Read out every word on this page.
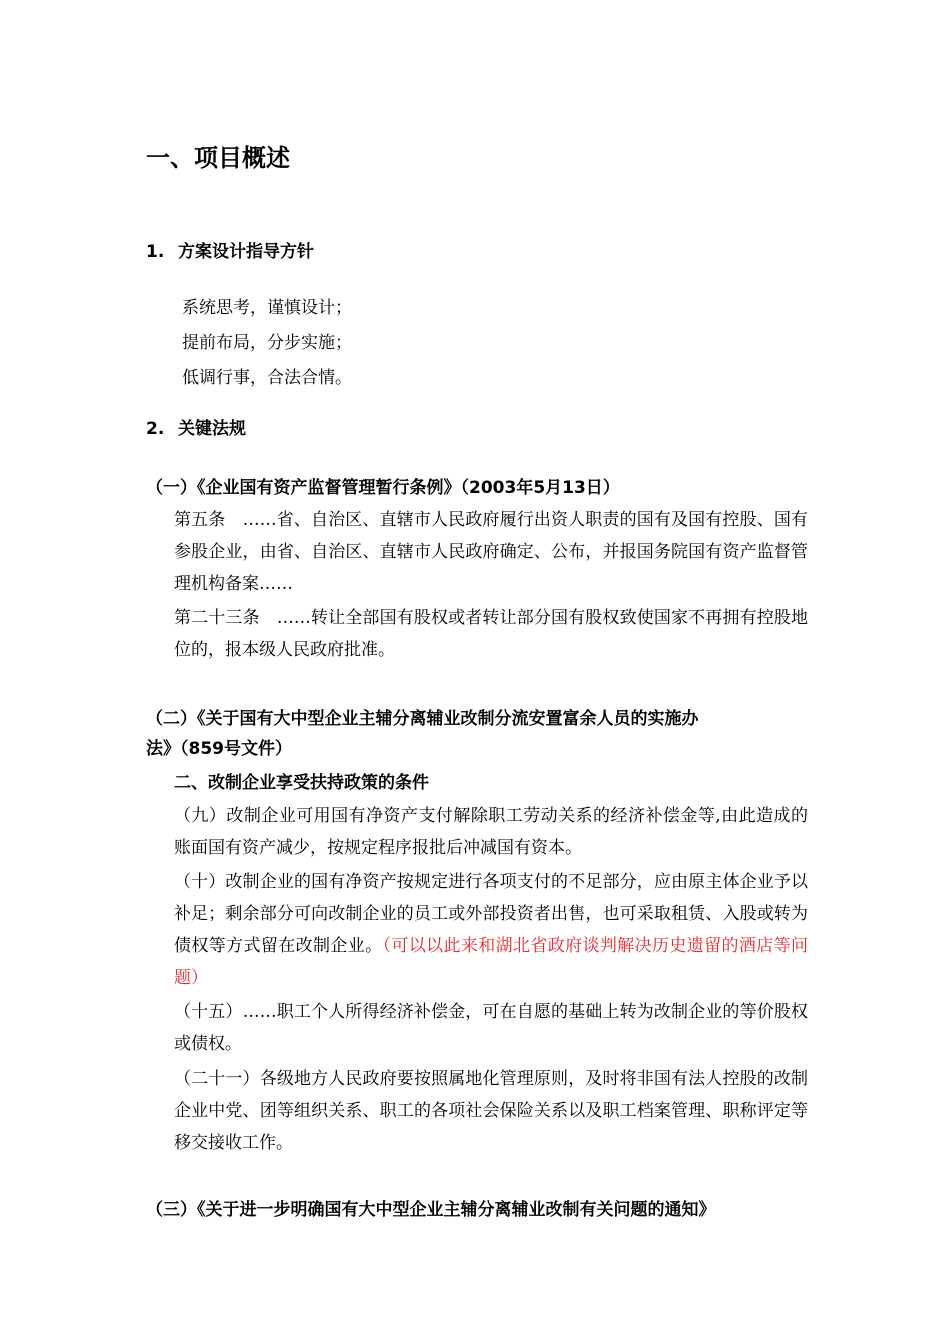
一、项目概述
1. 方案设计指导方针
系统思考，谨慎设计；
提前布局，分步实施；
低调行事，合法合情。
2. 关键法规
（一）《企业国有资产监督管理暂行条例》（2003年5月13日）
第五条　……省、自治区、直辖市人民政府履行出资人职责的国有及国有控股、国有参股企业，由省、自治区、直辖市人民政府确定、公布，并报国务院国有资产监督管理机构备案……
第二十三条　……转让全部国有股权或者转让部分国有股权致使国家不再拥有控股地位的，报本级人民政府批准。
（二）《关于国有大中型企业主辅分离辅业改制分流安置富余人员的实施办
法》（859号文件）
二、改制企业享受扶持政策的条件
（九）改制企业可用国有净资产支付解除职工劳动关系的经济补偿金等,由此造成的账面国有资产减少，按规定程序报批后冲减国有资本。
（十）改制企业的国有净资产按规定进行各项支付的不足部分，应由原主体企业予以补足；剩余部分可向改制企业的员工或外部投资者出售，也可采取租赁、入股或转为债权等方式留在改制企业。（可以以此来和湖北省政府谈判解决历史遗留的酒店等问题）
（十五）……职工个人所得经济补偿金，可在自愿的基础上转为改制企业的等价股权或债权。
（二十一）各级地方人民政府要按照属地化管理原则，及时将非国有法人控股的改制企业中党、团等组织关系、职工的各项社会保险关系以及职工档案管理、职称评定等移交接收工作。
（三）《关于进一步明确国有大中型企业主辅分离辅业改制有关问题的通知》
